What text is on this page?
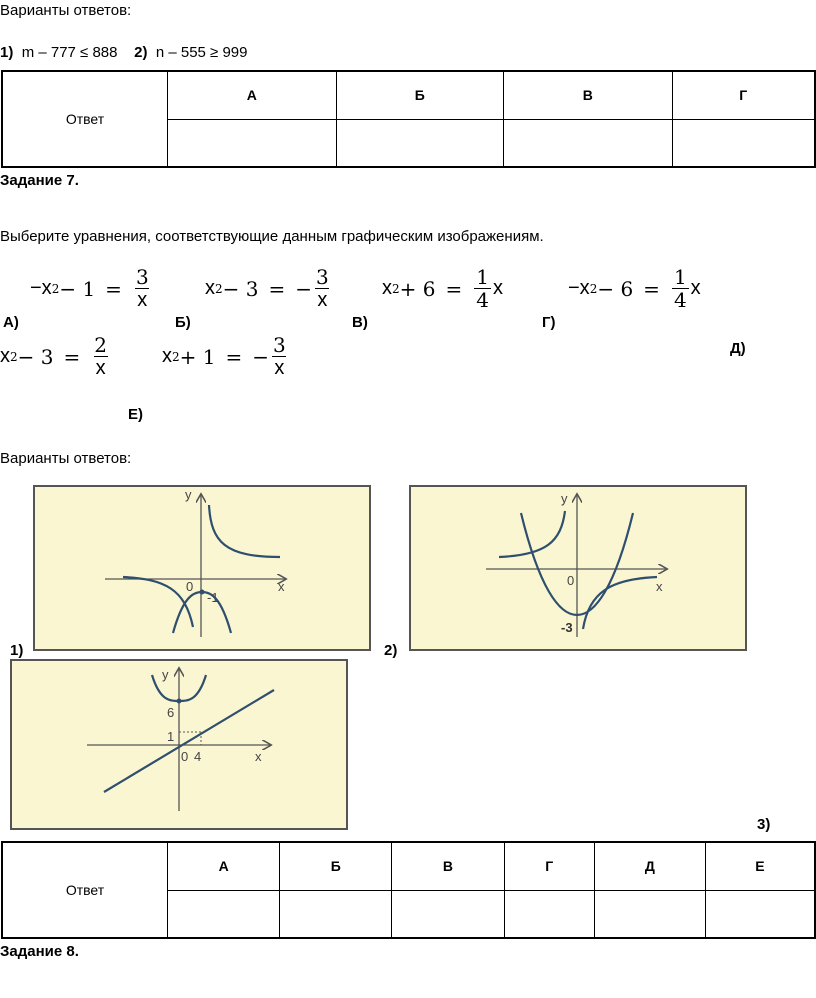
Варианты ответов:
1) m – 777 ≤ 888 2) n – 555 ≥ 999
Ответ	А	Б	В	Г

Задание 7.
Выберите уравнения, соответствующие данным графическим изображениям.
−x $2 - 1 = \frac{3}{x}$	x 2 − 3 = − $\frac{3}{x}$	x $2 + 6 = \frac{1}{4}$ x	−x $2 - 6 = \frac{1}{4}$ x
А)	Б)	В)	Г)
Д)
x $2 - 3 = \frac{2}{x}$	x 2 + 1 = − $\frac{3}{x}$
Е)
Варианты ответов:
y
x
0
-1
1)
y
x
0
-3
2)
y
x
0 4
6
1
3)
Ответ	А	Б	В	Г	Д	Е

Задание 8.
